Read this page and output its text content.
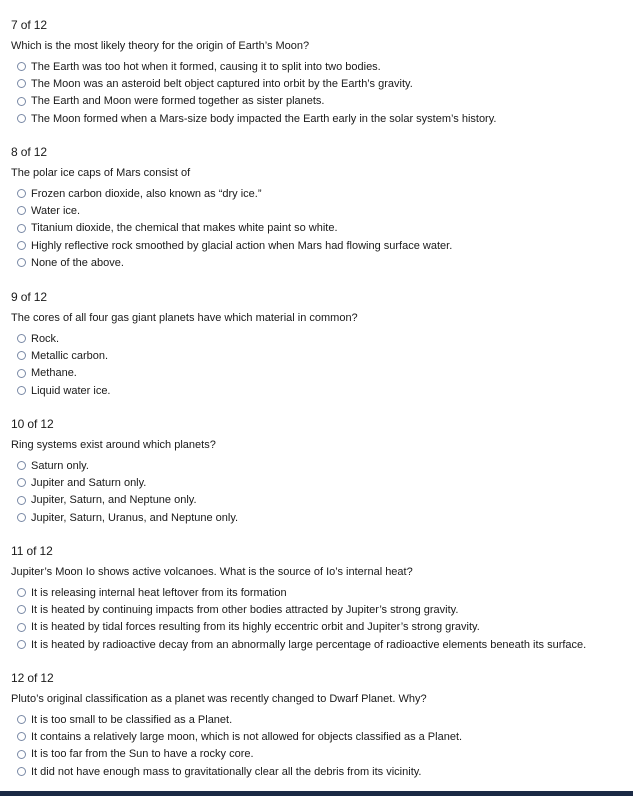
7 of 12
Which is the most likely theory for the origin of Earth’s Moon?
The Earth was too hot when it formed, causing it to split into two bodies.
The Moon was an asteroid belt object captured into orbit by the Earth’s gravity.
The Earth and Moon were formed together as sister planets.
The Moon formed when a Mars-size body impacted the Earth early in the solar system’s history.
8 of 12
The polar ice caps of Mars consist of
Frozen carbon dioxide, also known as “dry ice.”
Water ice.
Titanium dioxide, the chemical that makes white paint so white.
Highly reflective rock smoothed by glacial action when Mars had flowing surface water.
None of the above.
9 of 12
The cores of all four gas giant planets have which material in common?
Rock.
Metallic carbon.
Methane.
Liquid water ice.
10 of 12
Ring systems exist around which planets?
Saturn only.
Jupiter and Saturn only.
Jupiter, Saturn, and Neptune only.
Jupiter, Saturn, Uranus, and Neptune only.
11 of 12
Jupiter’s Moon Io shows active volcanoes. What is the source of Io’s internal heat?
It is releasing internal heat leftover from its formation
It is heated by continuing impacts from other bodies attracted by Jupiter’s strong gravity.
It is heated by tidal forces resulting from its highly eccentric orbit and Jupiter’s strong gravity.
It is heated by radioactive decay from an abnormally large percentage of radioactive elements beneath its surface.
12 of 12
Pluto’s original classification as a planet was recently changed to Dwarf Planet. Why?
It is too small to be classified as a Planet.
It contains a relatively large moon, which is not allowed for objects classified as a Planet.
It is too far from the Sun to have a rocky core.
It did not have enough mass to gravitationally clear all the debris from its vicinity.
